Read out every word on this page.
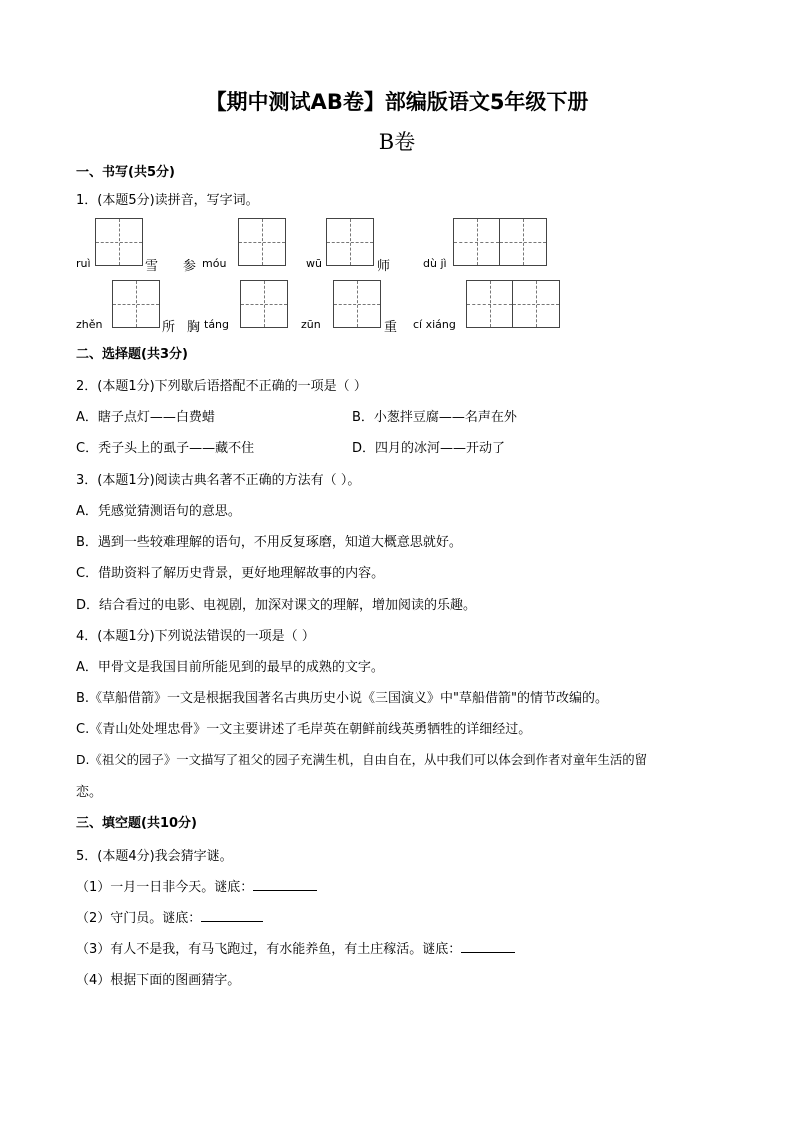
【期中测试AB卷】部编版语文5年级下册
B卷
一、书写(共5分)
1．(本题5分)读拼音，写字词。
ruì	雪 参 móu	wū	师	dù jì
zhěn	所 胸 táng	zūn	重 cí xiáng
二、选择题(共3分)
2．(本题1分)下列歇后语搭配不正确的一项是（ ）
A．瞎子点灯——白费蜡	B．小葱拌豆腐——名声在外
C．秃子头上的虱子——藏不住	D．四月的冰河——开动了
3．(本题1分)阅读古典名著不正确的方法有（ ）。
A．凭感觉猜测语句的意思。
B．遇到一些较难理解的语句，不用反复琢磨，知道大概意思就好。
C．借助资料了解历史背景，更好地理解故事的内容。
D．结合看过的电影、电视剧，加深对课文的理解，增加阅读的乐趣。
4．(本题1分)下列说法错误的一项是（ ）
A．甲骨文是我国目前所能见到的最早的成熟的文字。
B.《草船借箭》一文是根据我国著名古典历史小说《三国演义》中"草船借箭"的情节改编的。
C.《青山处处埋忠骨》一文主要讲述了毛岸英在朝鲜前线英勇牺牲的详细经过。
D.《祖父的园子》一文描写了祖父的园子充满生机，自由自在，从中我们可以体会到作者对童年生活的留
恋。
三、填空题(共10分)
5．(本题4分)我会猜字谜。
（1）一月一日非今天。谜底：
（2）守门员。谜底：
（3）有人不是我，有马飞跑过，有水能养鱼，有土庄稼活。谜底：
（4）根据下面的图画猜字。
